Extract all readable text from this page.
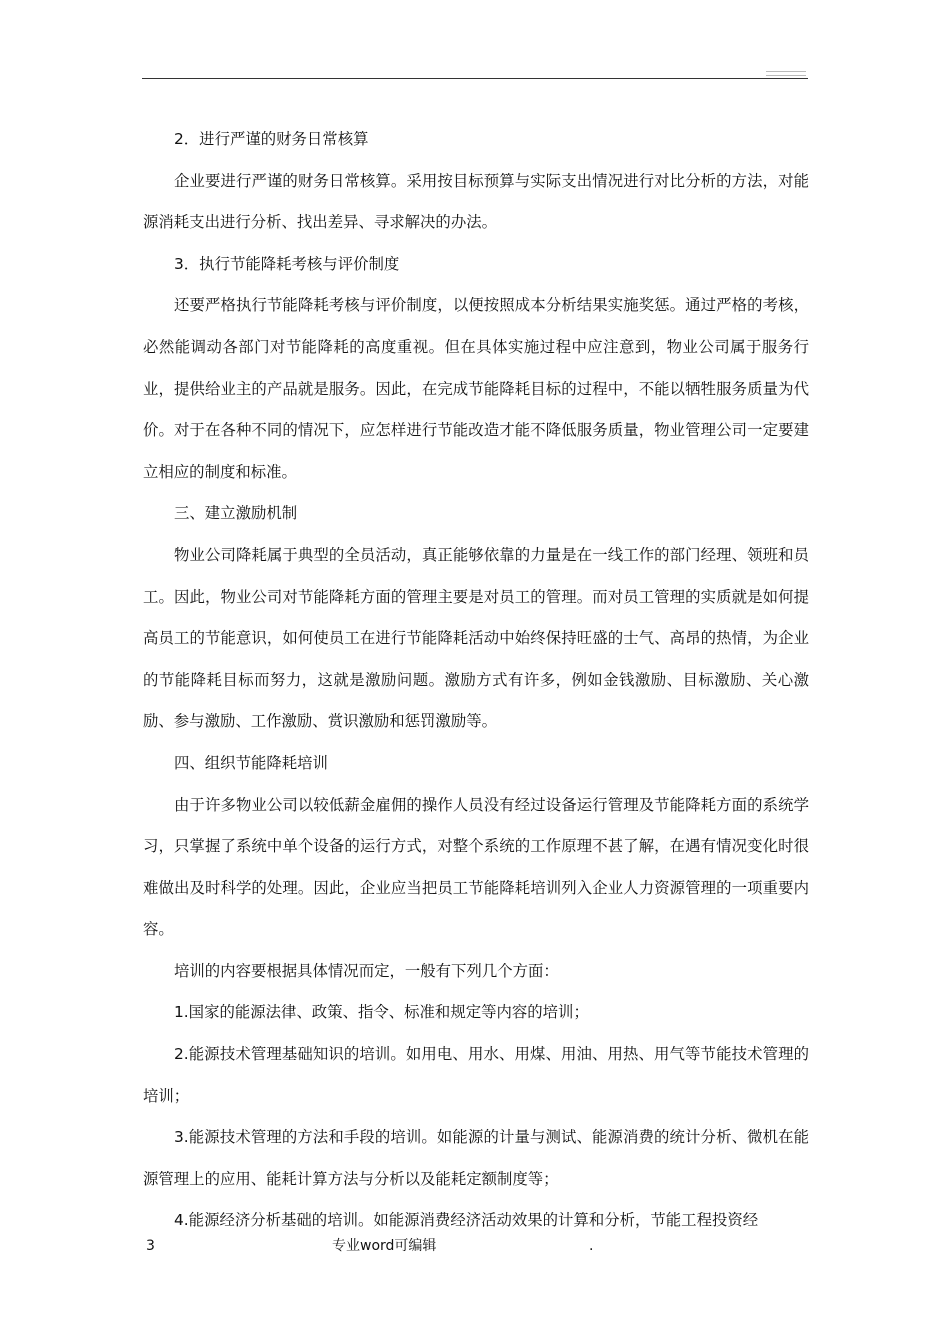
2．进行严谨的财务日常核算

企业要进行严谨的财务日常核算。采用按目标预算与实际支出情况进行对比分析的方法，对能源消耗支出进行分析、找出差异、寻求解决的办法。

3．执行节能降耗考核与评价制度

还要严格执行节能降耗考核与评价制度，以便按照成本分析结果实施奖惩。通过严格的考核，必然能调动各部门对节能降耗的高度重视。但在具体实施过程中应注意到，物业公司属于服务行业，提供给业主的产品就是服务。因此，在完成节能降耗目标的过程中，不能以牺牲服务质量为代价。对于在各种不同的情况下，应怎样进行节能改造才能不降低服务质量，物业管理公司一定要建立相应的制度和标准。

三、建立激励机制

物业公司降耗属于典型的全员活动，真正能够依靠的力量是在一线工作的部门经理、领班和员工。因此，物业公司对节能降耗方面的管理主要是对员工的管理。而对员工管理的实质就是如何提高员工的节能意识，如何使员工在进行节能降耗活动中始终保持旺盛的士气、高昂的热情，为企业的节能降耗目标而努力，这就是激励问题。激励方式有许多，例如金钱激励、目标激励、关心激励、参与激励、工作激励、赏识激励和惩罚激励等。

四、组织节能降耗培训

由于许多物业公司以较低薪金雇佣的操作人员没有经过设备运行管理及节能降耗方面的系统学习，只掌握了系统中单个设备的运行方式，对整个系统的工作原理不甚了解，在遇有情况变化时很难做出及时科学的处理。因此，企业应当把员工节能降耗培训列入企业人力资源管理的一项重要内容。

培训的内容要根据具体情况而定，一般有下列几个方面：

1.国家的能源法律、政策、指令、标准和规定等内容的培训；

2.能源技术管理基础知识的培训。如用电、用水、用煤、用油、用热、用气等节能技术管理的培训；

3.能源技术管理的方法和手段的培训。如能源的计量与测试、能源消费的统计分析、微机在能源管理上的应用、能耗计算方法与分析以及能耗定额制度等；

4.能源经济分析基础的培训。如能源消费经济活动效果的计算和分析，节能工程投资经

3	专业word可编辑	.
